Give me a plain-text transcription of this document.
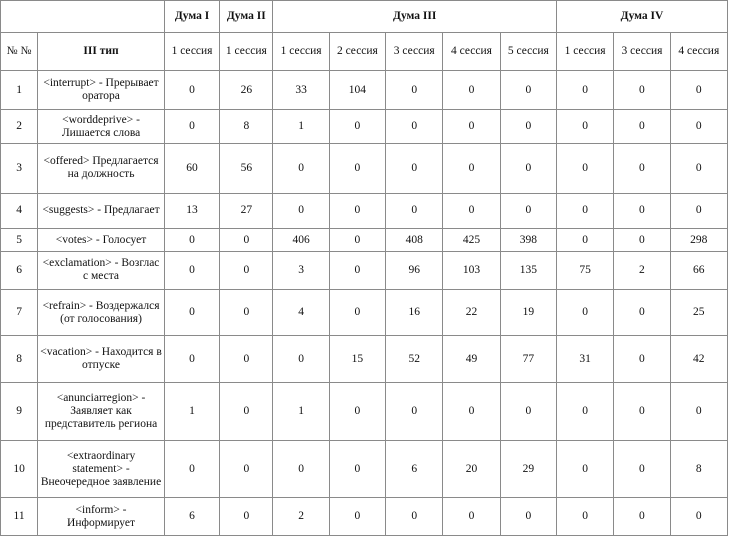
		Дума I	Дума II	Дума III					Дума IV		
№ №	III тип	1 сессия	1 сессия	1 сессия	2 сессия	3 сессия	4 сессия	5 сессия	1 сессия	3 сессия	4 сессия
1	<interrupt> - Прерывает оратора	0	26	33	104	0	0	0	0	0	0
2	<worddeprive> - Лишается слова	0	8	1	0	0	0	0	0	0	0
3	<offered> Предлагается на должность	60	56	0	0	0	0	0	0	0	0
4	<suggests> - Предлагает	13	27	0	0	0	0	0	0	0	0
5	<votes> - Голосует	0	0	406	0	408	425	398	0	0	298
6	<exclamation> - Возглас с места	0	0	3	0	96	103	135	75	2	66
7	<refrain> - Воздержался (от голосования)	0	0	4	0	16	22	19	0	0	25
8	<vacation> - Находится в отпуске	0	0	0	15	52	49	77	31	0	42
9	<anunciarregion> - Заявляет как представитель региона	1	0	1	0	0	0	0	0	0	0
10	<extraordinary statement> - Внеочередное заявление	0	0	0	0	6	20	29	0	0	8
11	<inform> - Информирует	6	0	2	0	0	0	0	0	0	0
